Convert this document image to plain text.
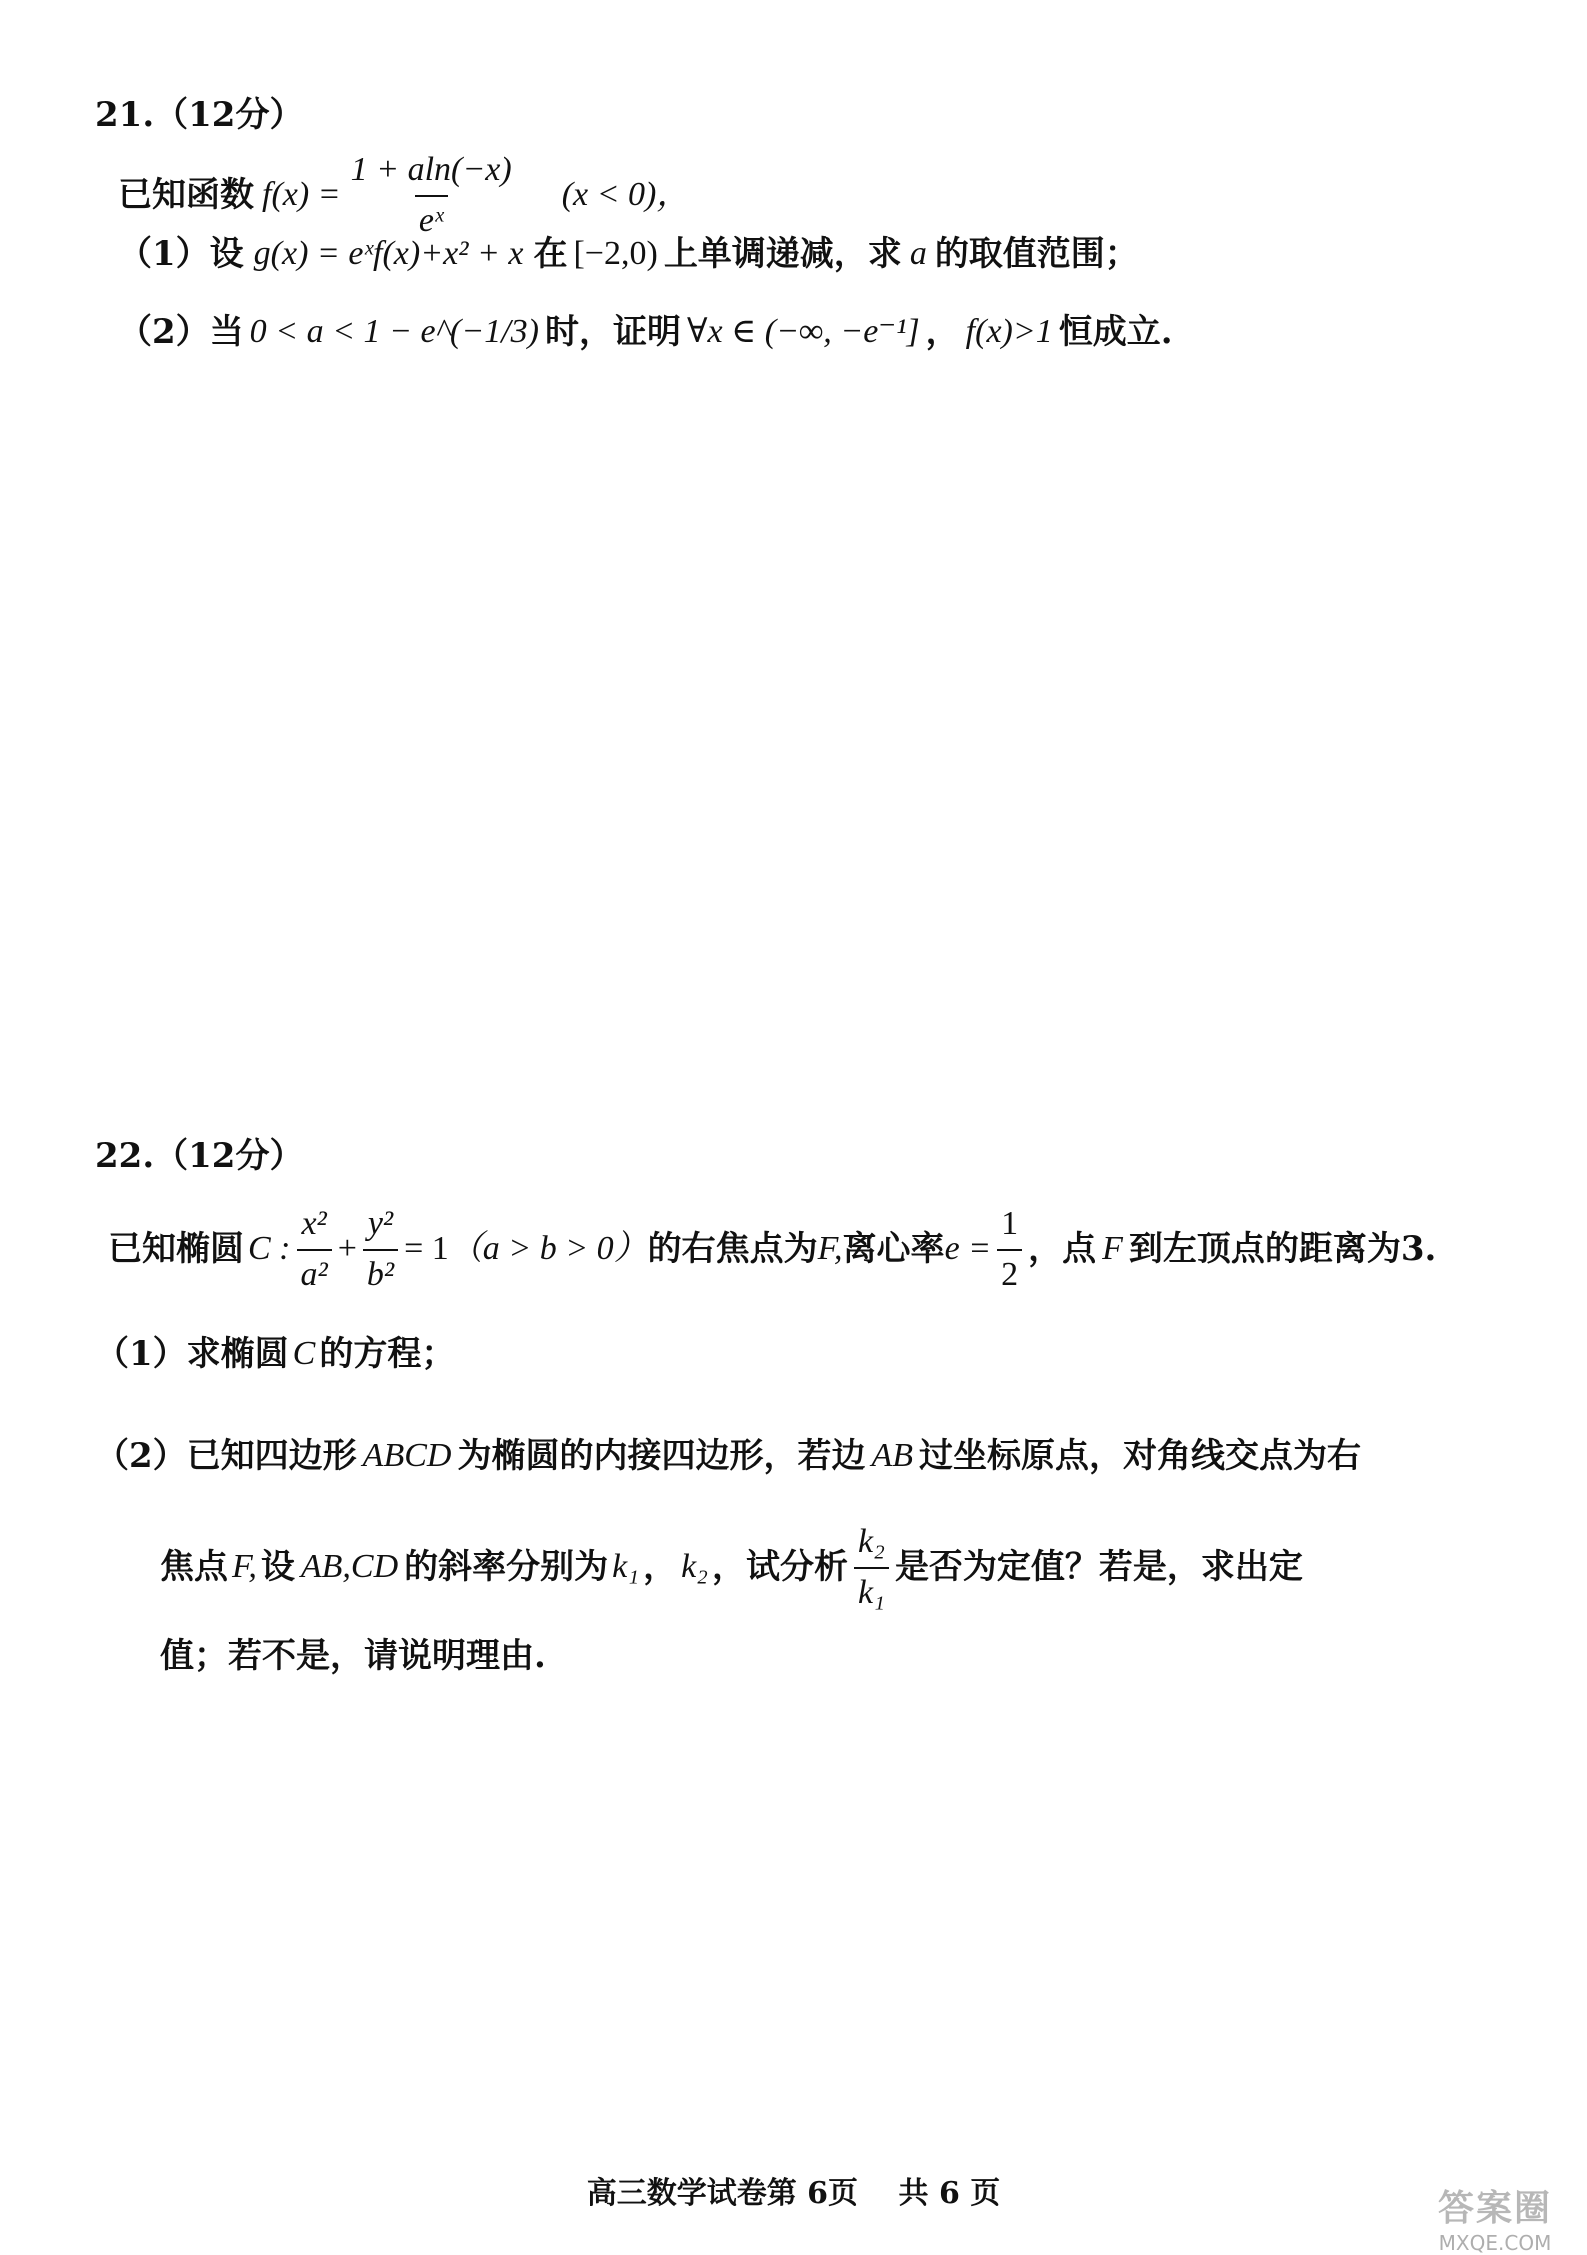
21.（12分）
已知函数 $f(x) = \frac{1 + aln(-x)}{\text{eˣ}} (x < 0)$，
（1）设 g(x) = eˣf(x)+x² + x 在 [−2,0) 上单调递减，求 a 的取值范围；
（2）当 0 < a < 1 − e^(−1/3) 时，证明 ∀x ∈ (−∞, −e⁻¹] ， f(x)>1 恒成立.
22.（12分）
已知椭圆 C : $\frac{\text{x²}}{\text{a²}} + \frac{\text{y²}}{\text{b²}} = 1$ （a > b > 0） 的右焦点为 F, 离心率 $e = \frac{1}{2}$ ，点 F 到左顶点的距离为3.
（1）求椭圆 C 的方程；
（2）已知四边形 ABCD 为椭圆的内接四边形，若边 AB 过坐标原点，对角线交点为右
焦点 F, 设 AB,CD 的斜率分别为 k₁ ， k₂ ，试分析 $\frac{\text{k₂}}{\text{k₁}}$ 是否为定值？若是，求出定
值；若不是，请说明理由.
高三数学试卷第 6页　 共 6 页	答案圈
MXQE.COM
